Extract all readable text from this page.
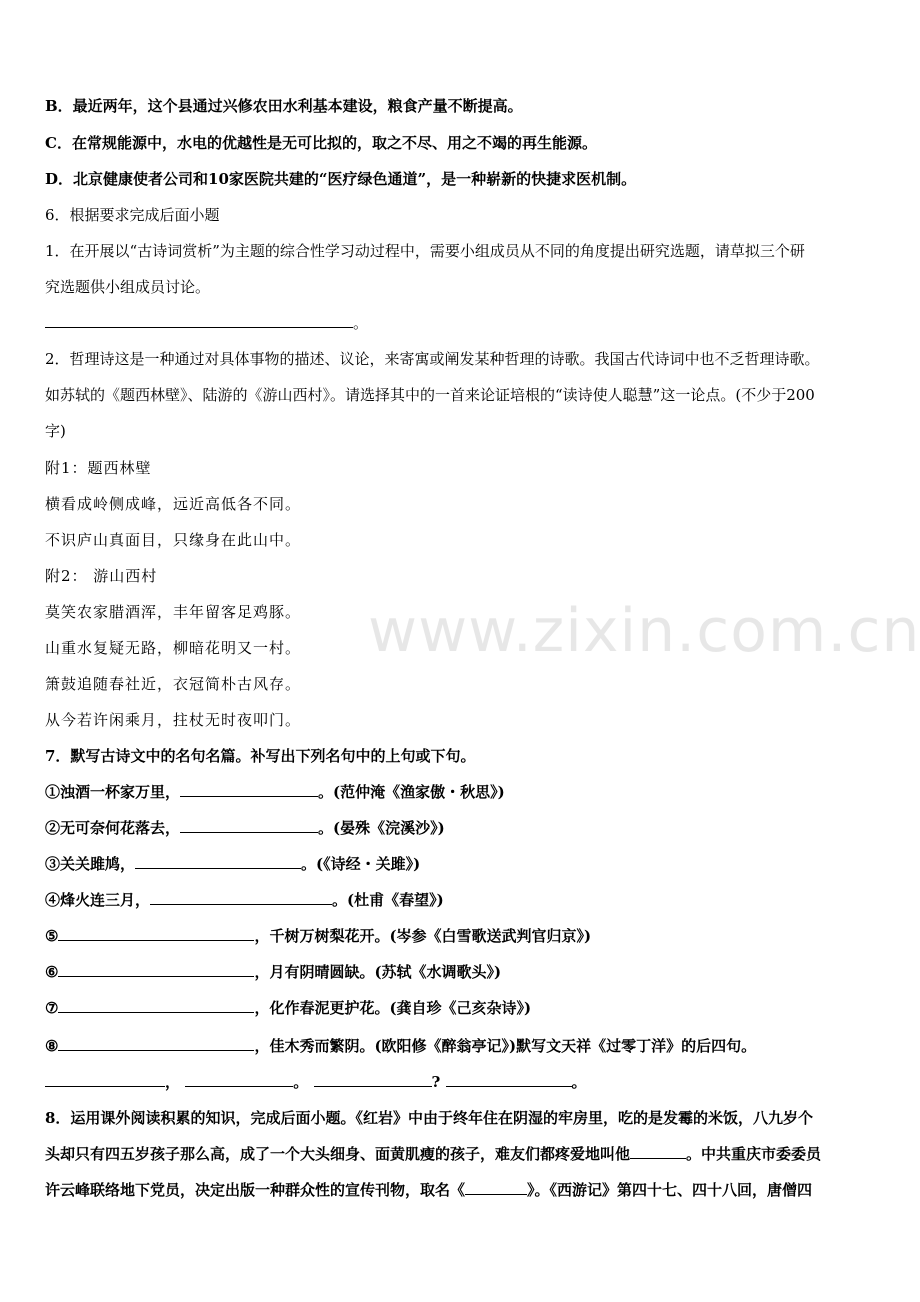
B．最近两年，这个县通过兴修农田水利基本建设，粮食产量不断提高。
C．在常规能源中，水电的优越性是无可比拟的，取之不尽、用之不竭的再生能源。
D．北京健康使者公司和10家医院共建的“医疗绿色通道”，是一种崭新的快捷求医机制。
6．根据要求完成后面小题
1．在开展以“古诗词赏析”为主题的综合性学习动过程中，需要小组成员从不同的角度提出研究选题，请草拟三个研
究选题供小组成员讨论。
。
2．哲理诗这是一种通过对具体事物的描述、议论，来寄寓或阐发某种哲理的诗歌。我国古代诗词中也不乏哲理诗歌。
如苏轼的《题西林壁》、陆游的《游山西村》。请选择其中的一首来论证培根的“读诗使人聪慧”这一论点。(不少于200
字)
附1：题西林壁
横看成岭侧成峰，远近高低各不同。
不识庐山真面目，只缘身在此山中。
附2： 游山西村
莫笑农家腊酒浑，丰年留客足鸡豚。
山重水复疑无路，柳暗花明又一村。
箫鼓追随春社近，衣冠简朴古风存。
从今若许闲乘月，拄杖无时夜叩门。
7．默写古诗文中的名句名篇。补写出下列名句中的上句或下句。
①浊酒一杯家万里，	。(范仲淹《渔家傲・秋思》)
②无可奈何花落去，	。(晏殊《浣溪沙》)
③关关雎鸠，	。(《诗经・关雎》)
④烽火连三月，	。(杜甫《春望》)
⑤	，千树万树梨花开。(岑参《白雪歌送武判官归京》)
⑥	，月有阴晴圆缺。(苏轼《水调歌头》)
⑦	，化作春泥更护花。(龚自珍《己亥杂诗》)
⑧	，佳木秀而繁阴。(欧阳修《醉翁亭记》)默写文天祥《过零丁洋》的后四句。
，	。	?	。
8．运用课外阅读积累的知识，完成后面小题。《红岩》中由于终年住在阴湿的牢房里，吃的是发霉的米饭，八九岁个
头却只有四五岁孩子那么高，成了一个大头细身、面黄肌瘦的孩子，难友们都疼爱地叫他	。中共重庆市委委员
许云峰联络地下党员，决定出版一种群众性的宣传刊物，取名《	》。《西游记》第四十七、四十八回，唐僧四
www.zixin.com.cn
